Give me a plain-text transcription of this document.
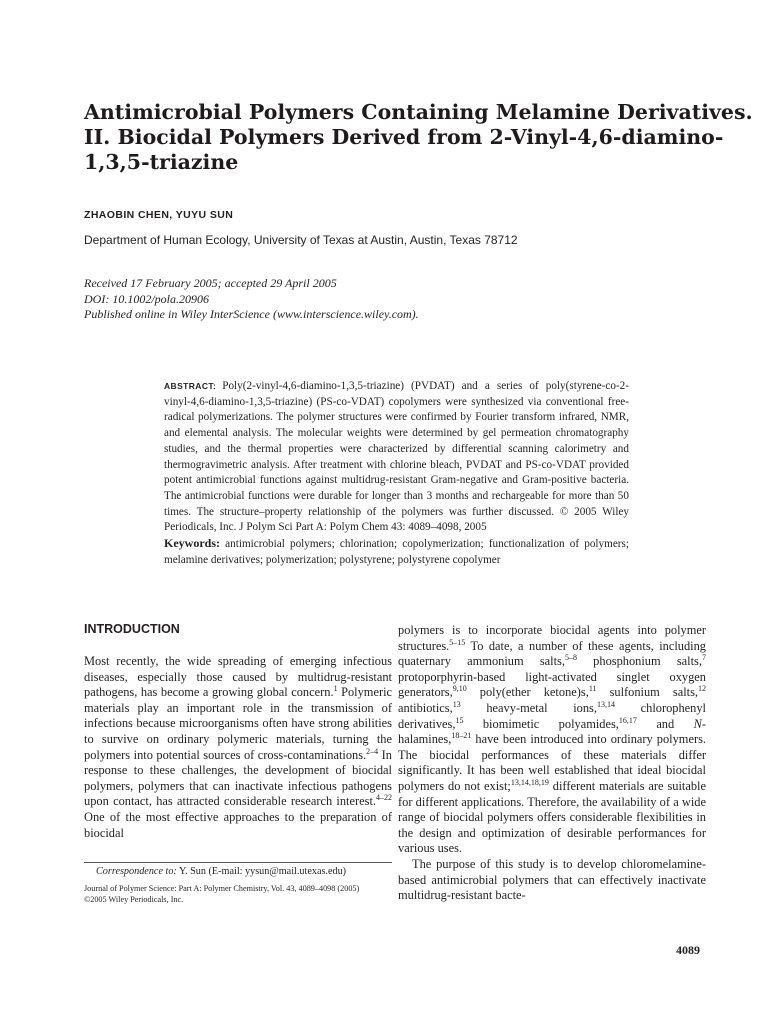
Antimicrobial Polymers Containing Melamine Derivatives.
II. Biocidal Polymers Derived from 2-Vinyl-4,6-diamino-
1,3,5-triazine

ZHAOBIN CHEN, YUYU SUN

Department of Human Ecology, University of Texas at Austin, Austin, Texas 78712

Received 17 February 2005; accepted 29 April 2005
DOI: 10.1002/pola.20906
Published online in Wiley InterScience (www.interscience.wiley.com).
ABSTRACT: Poly(2-vinyl-4,6-diamino-1,3,5-triazine) (PVDAT) and a series of poly(styrene-co-2-vinyl-4,6-diamino-1,3,5-triazine) (PS-co-VDAT) copolymers were synthesized via conventional free-radical polymerizations. The polymer structures were confirmed by Fourier transform infrared, NMR, and elemental analysis. The molecular weights were determined by gel permeation chromatography studies, and the thermal properties were characterized by differential scanning calorimetry and thermogravimetric analysis. After treatment with chlorine bleach, PVDAT and PS-co-VDAT provided potent antimicrobial functions against multidrug-resistant Gram-negative and Gram-positive bacteria. The antimicrobial functions were durable for longer than 3 months and rechargeable for more than 50 times. The structure–property relationship of the polymers was further discussed. © 2005 Wiley Periodicals, Inc. J Polym Sci Part A: Polym Chem 43: 4089–4098, 2005
Keywords: antimicrobial polymers; chlorination; copolymerization; functionalization of polymers; melamine derivatives; polymerization; polystyrene; polystyrene copolymer
INTRODUCTION

Most recently, the wide spreading of emerging infectious diseases, especially those caused by multidrug-resistant pathogens, has become a growing global concern.$^1$ Polymeric materials play an important role in the transmission of infections because microorganisms often have strong abilities to survive on ordinary polymeric materials, turning the polymers into potential sources of cross-contaminations.$^{2-4}$ In response to these challenges, the development of biocidal polymers, polymers that can inactivate infectious pathogens upon contact, has attracted considerable research interest.$^{4-22}$ One of the most effective approaches to the preparation of biocidal

polymers is to incorporate biocidal agents into polymer structures.$^{5-15}$ To date, a number of these agents, including quaternary ammonium salts,$^{5-8}$ phosphonium salts,$^7$ protoporphyrin-based light-activated singlet oxygen generators,$^{9,10}$ poly(ether ketone)s,$^{11}$ sulfonium salts,$^{12}$ antibiotics,$^{13}$ heavy-metal ions,$^{13,14}$ chlorophenyl derivatives,$^{15}$ biomimetic polyamides,$^{16,17}$ and N-halamines,$^{18-21}$ have been introduced into ordinary polymers. The biocidal performances of these materials differ significantly. It has been well established that ideal biocidal polymers do not exist;$^{13,14,18,19}$ different materials are suitable for different applications. Therefore, the availability of a wide range of biocidal polymers offers considerable flexibilities in the design and optimization of desirable performances for various uses.

The purpose of this study is to develop chloromelamine-based antimicrobial polymers that can effectively inactivate multidrug-resistant bacte-

Correspondence to: Y. Sun (E-mail: yysun@mail.utexas.edu)
Journal of Polymer Science: Part A: Polymer Chemistry, Vol. 43, 4089–4098 (2005)
©2005 Wiley Periodicals, Inc.
4089
